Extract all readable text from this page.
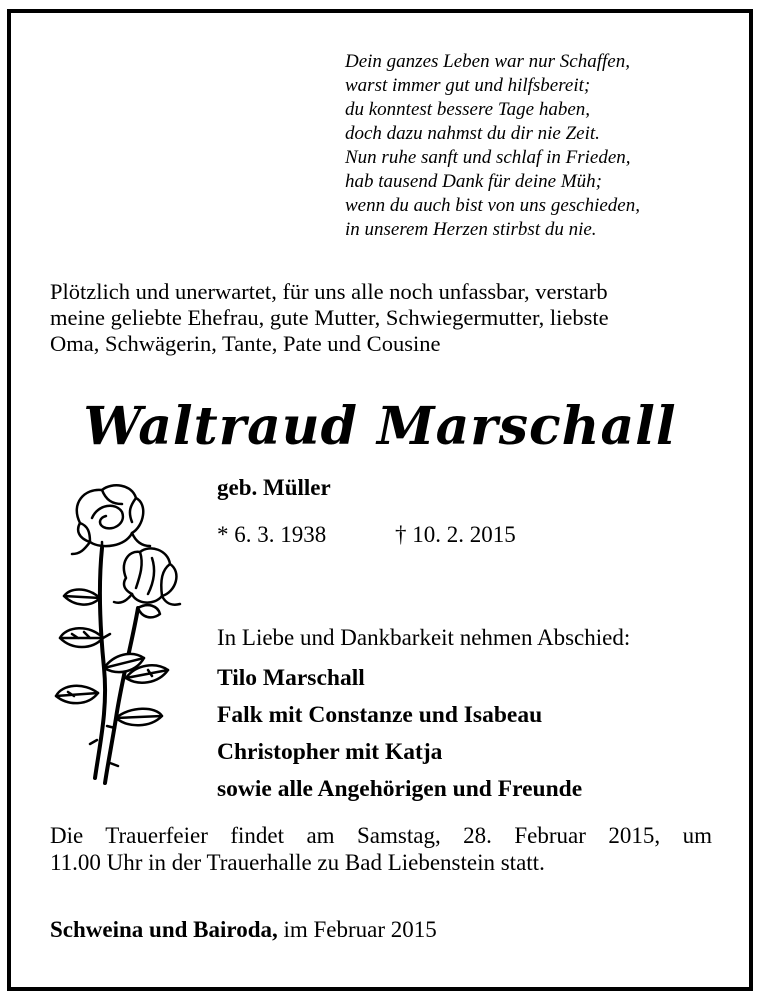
Dein ganzes Leben war nur Schaffen,
warst immer gut und hilfsbereit;
du konntest bessere Tage haben,
doch dazu nahmst du dir nie Zeit.
Nun ruhe sanft und schlaf in Frieden,
hab tausend Dank für deine Müh;
wenn du auch bist von uns geschieden,
in unserem Herzen stirbst du nie.
Plötzlich und unerwartet, für uns alle noch unfassbar, verstarb
meine geliebte Ehefrau, gute Mutter, Schwiegermutter, liebste
Oma, Schwägerin, Tante, Pate und Cousine
Waltraud Marschall
geb. Müller
* 6. 3. 1938	† 10. 2. 2015
In Liebe und Dankbarkeit nehmen Abschied:
Tilo Marschall
Falk mit Constanze und Isabeau
Christopher mit Katja
sowie alle Angehörigen und Freunde
Die Trauerfeier findet am Samstag, 28. Februar 2015, um
11.00 Uhr in der Trauerhalle zu Bad Liebenstein statt.
Schweina und Bairoda, im Februar 2015
